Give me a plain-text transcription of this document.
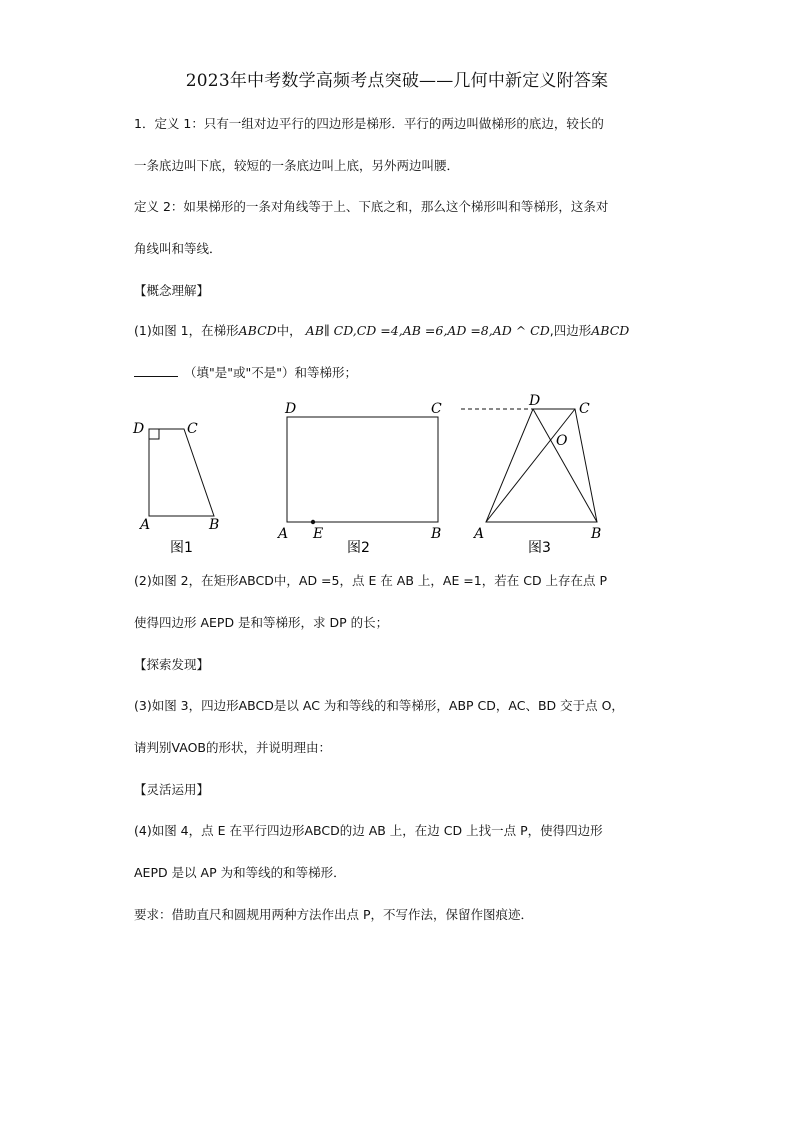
2023年中考数学高频考点突破——几何中新定义附答案
1．定义 1：只有一组对边平行的四边形是梯形．平行的两边叫做梯形的底边，较长的
一条底边叫下底，较短的一条底边叫上底，另外两边叫腰．
定义 2：如果梯形的一条对角线等于上、下底之和，那么这个梯形叫和等梯形，这条对
角线叫和等线．
【概念理解】
(1)如图 1，在梯形ABCD中， AB∥ CD,CD =4,AB =6,AD =8,AD ^ CD,四边形ABCD
（填"是"或"不是"）和等梯形；
D	C
A	B
图1
D	C
A E	B
图2
D	C
O
A	B
图3
(2)如图 2，在矩形ABCD中，AD =5，点 E 在 AB 上，AE =1，若在 CD 上存在点 P
使得四边形 AEPD 是和等梯形，求 DP 的长；
【探索发现】
(3)如图 3，四边形ABCD是以 AC 为和等线的和等梯形，ABP CD，AC、BD 交于点 O，
请判别VAOB的形状，并说明理由：
【灵活运用】
(4)如图 4，点 E 在平行四边形ABCD的边 AB 上，在边 CD 上找一点 P，使得四边形
AEPD 是以 AP 为和等线的和等梯形．
要求：借助直尺和圆规用两种方法作出点 P，不写作法，保留作图痕迹．
